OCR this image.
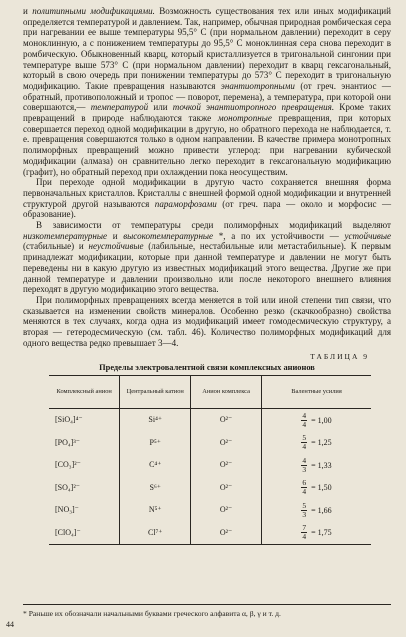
и политипными модификациями. Возможность существования тех или иных модификаций определяется температурой и давлением. Так, например, обычная природная ромбическая сера при нагревании ее выше температуры 95,5° С (при нормальном давлении) переходит в серу моноклинную, а с понижением температуры до 95,5° С моноклинная сера снова переходит в ромбическую. Обыкновенный кварц, который кристаллизуется в тригональной сингонии при температуре выше 573° С (при нормальном давлении) переходит в кварц гексагональный, который в свою очередь при понижении температуры до 573° С переходит в тригональную модификацию. Такие превращения называются энантиотропными (от греч. энантиос — обратный, противоположный и тропос — поворот, перемена), а температура, при которой они совершаются,— температурой или точкой энантиотропного превращения. Кроме таких превращений в природе наблюдаются также монотропные превращения, при которых совершается переход одной модификации в другую, но обратного перехода не наблюдается, т. е. превращения совершаются только в одном направлении. В качестве примера монотропных полиморфных превращений можно привести углерод: при нагревании кубической модификации (алмаза) он сравнительно легко переходит в гексагональную модификацию (графит), но обратный переход при охлаждении пока неосуществим.

При переходе одной модификации в другую часто сохраняется внешняя форма первоначальных кристаллов. Кристаллы с внешней формой одной модификации и внутренней структурой другой называются параморфозами (от греч. пара — около и морфосис — образование).

В зависимости от температуры среди полиморфных модификаций выделяют низкотемпературные и высокотемпературные *, а по их устойчивости — устойчивые (стабильные) и неустойчивые (лабильные, нестабильные или метастабильные). К первым принадлежат модификации, которые при данной температуре и давлении не могут быть переведены ни в какую другую из известных модификаций этого вещества. Другие же при данной температуре и давлении произвольно или после некоторого внешнего влияния переходят в другую модификацию этого вещества.

При полиморфных превращениях всегда меняется в той или иной степени тип связи, что сказывается на изменении свойств минералов. Особенно резко (скачкообразно) свойства меняются в тех случаях, когда одна из модификаций имеет гомодесмическую структуру, а вторая — гетеродесмическую (см. табл. 46). Количество полиморфных модификаций для одного вещества редко превышает 3—4.

ТАБЛИЦА 9
Пределы электровалентной связи комплексных анионов
Комплексный анион	Центральный катион	Анион комплекса	Валентные усилия
[SiO₄]⁴⁻	Si⁴⁺	O²⁻	$\frac{4}{4} = 1,00$

[PO₄]³⁻	P⁵⁺	O²⁻	$\frac{5}{4} = 1,25$

[CO₃]²⁻	C⁴⁺	O²⁻	$\frac{4}{3} = 1,33$

[SO₄]²⁻	S⁶⁺	O²⁻	$\frac{6}{4} = 1,50$

[NO₃]⁻	N⁵⁺	O²⁻	$\frac{5}{3} = 1,66$

[ClO₄]⁻	Cl⁷⁺	O²⁻	$\frac{7}{4} = 1,75$
* Раньше их обозначали начальными буквами греческого алфавита α, β, γ и т. д.
44
